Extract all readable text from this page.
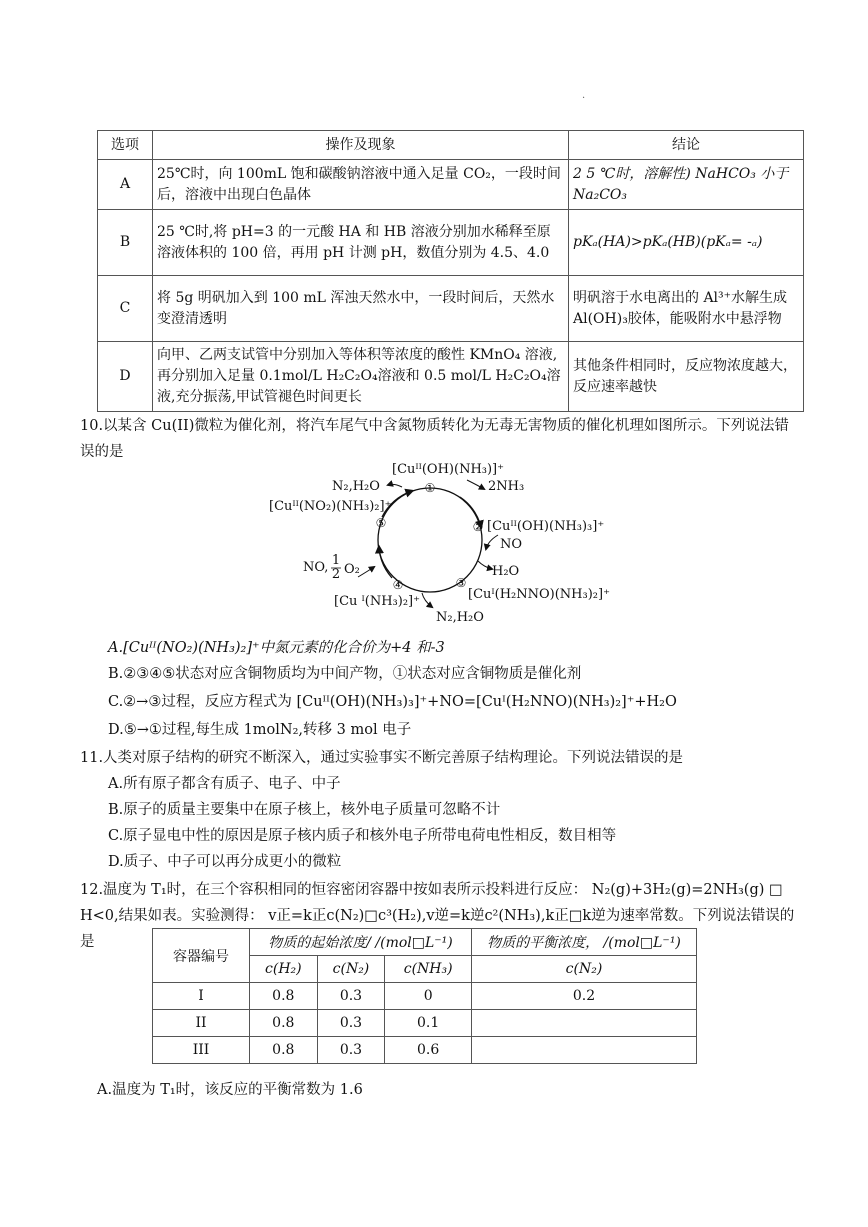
·
选项	操作及现象	结论
A	25℃时，向 100mL 饱和碳酸钠溶液中通入足量 CO₂，一段时间后，溶液中出现白色晶体	2 5 ℃时，溶解性) NaHCO₃ 小于 Na₂CO₃
B	25 ℃时,将 pH=3 的一元酸 HA 和 HB 溶液分别加水稀释至原溶液体积的 100 倍，再用 pH 计测 pH，数值分别为 4.5、4.0	pKₐ(HA)>pKₐ(HB)(pKₐ= -ₐ)
C	将 5g 明矾加入到 100 mL 浑浊天然水中，一段时间后，天然水变澄清透明	明矾溶于水电离出的 Al³⁺水解生成 Al(OH)₃胶体，能吸附水中悬浮物
D	向甲、乙两支试管中分别加入等体积等浓度的酸性 KMnO₄ 溶液,再分别加入足量 0.1mol/L H₂C₂O₄溶液和 0.5 mol/L H₂C₂O₄溶液,充分振荡,甲试管褪色时间更长	其他条件相同时，反应物浓度越大，反应速率越快
10.以某含 Cu(II)微粒为催化剂，将汽车尾气中含氮物质转化为无毒无害物质的催化机理如图所示。下列说法错误的是
①
②
③
④
⑤
[Cuᴵᴵ(OH)(NH₃)]⁺
2NH₃
[Cuᴵᴵ(OH)(NH₃)₃]⁺
NO
H₂O
[Cuᴵ(H₂NNO)(NH₃)₂]⁺
N₂,H₂O
[Cu ᴵ(NH₃)₂]⁺
NO, 1
2 O₂
[Cuᴵᴵ(NO₂)(NH₃)₂]⁺
N₂,H₂O
A.[Cuᴵᴵ(NO₂)(NH₃)₂]⁺中氮元素的化合价为+4 和-3
B.②③④⑤状态对应含铜物质均为中间产物，①状态对应含铜物质是催化剂
C.②→③过程，反应方程式为 [Cuᴵᴵ(OH)(NH₃)₃]⁺+NO=[Cuᴵ(H₂NNO)(NH₃)₂]⁺+H₂O
D.⑤→①过程,每生成 1molN₂,转移 3 mol 电子
11.人类对原子结构的研究不断深入，通过实验事实不断完善原子结构理论。下列说法错误的是
A.所有原子都含有质子、电子、中子
B.原子的质量主要集中在原子核上，核外电子质量可忽略不计
C.原子显电中性的原因是原子核内质子和核外电子所带电荷电性相反，数目相等
D.质子、中子可以再分成更小的微粒
12.温度为 T₁时，在三个容积相同的恒容密闭容器中按如表所示投料进行反应： N₂(g)+3H₂(g)=2NH₃(g) □ H<0,结果如表。实验测得： v正=k正c(N₂)□c³(H₂),v逆=k逆c²(NH₃),k正□k逆为速率常数。下列说法错误的是
容器编号	物质的起始浓度/ /(mol□L⁻¹)			物质的平衡浓度， /(mol□L⁻¹)
	c(H₂)	c(N₂)	c(NH₃)	c(N₂)
I	0.8	0.3	0	0.2
II	0.8	0.3	0.1	
III	0.8	0.3	0.6	
A.温度为 T₁时，该反应的平衡常数为 1.6
